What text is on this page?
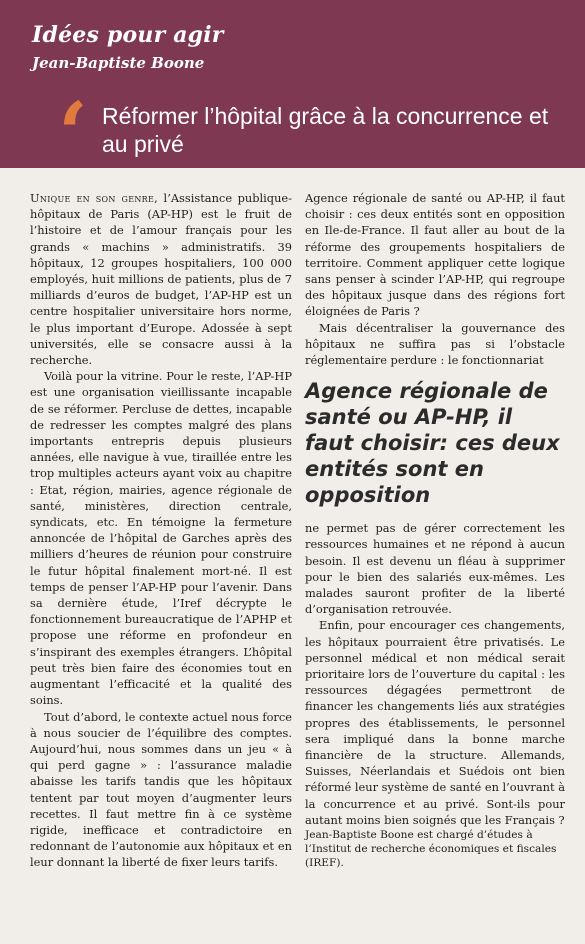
Idées pour agir
Jean-Baptiste Boone
‘ Réformer l’hôpital grâce à la concurrence et au privé

Unique en son genre, l’Assistance publique-hôpitaux de Paris (AP-HP) est le fruit de l’histoire et de l’amour français pour les grands « machins » administratifs. 39 hôpitaux, 12 groupes hospitaliers, 100 000 employés, huit millions de patients, plus de 7 milliards d’euros de budget, l’AP-HP est un centre hospitalier universitaire hors norme, le plus important d’Europe. Adossée à sept universités, elle se consacre aussi à la recherche.

Voilà pour la vitrine. Pour le reste, l’AP-HP est une organisation vieillissante incapable de se réformer. Percluse de dettes, incapable de redresser les comptes malgré des plans importants entrepris depuis plusieurs années, elle navigue à vue, tiraillée entre les trop multiples acteurs ayant voix au chapitre : Etat, région, mairies, agence régionale de santé, ministères, direction centrale, syndicats, etc. En témoigne la fermeture annoncée de l’hôpital de Garches après des milliers d’heures de réunion pour construire le futur hôpital finalement mort-né. Il est temps de penser l’AP-HP pour l’avenir. Dans sa dernière étude, l’Iref décrypte le fonctionnement bureaucratique de l’APHP et propose une réforme en profondeur en s’inspirant des exemples étrangers. L’hôpital peut très bien faire des économies tout en augmentant l’efficacité et la qualité des soins.

Tout d’abord, le contexte actuel nous force à nous soucier de l’équilibre des comptes. Aujourd’hui, nous sommes dans un jeu « à qui perd gagne » : l’assurance maladie abaisse les tarifs tandis que les hôpitaux tentent par tout moyen d’augmenter leurs recettes. Il faut mettre fin à ce système rigide, inefficace et contradictoire en redonnant de l’autonomie aux hôpitaux et en leur donnant la liberté de fixer leurs tarifs.

Agence régionale de santé ou AP-HP, il faut choisir : ces deux entités sont en opposition en Ile-de-France. Il faut aller au bout de la réforme des groupements hospitaliers de territoire. Comment appliquer cette logique sans penser à scinder l’AP-HP, qui regroupe des hôpitaux jusque dans des régions fort éloignées de Paris ?

Mais décentraliser la gouvernance des hôpitaux ne suffira pas si l’obstacle réglementaire perdure : le fonctionnariat

Agence régionale de santé ou AP-HP, il faut choisir: ces deux entités sont en opposition

ne permet pas de gérer correctement les ressources humaines et ne répond à aucun besoin. Il est devenu un fléau à supprimer pour le bien des salariés eux-mêmes. Les malades sauront profiter de la liberté d’organisation retrouvée.

Enfin, pour encourager ces changements, les hôpitaux pourraient être privatisés. Le personnel médical et non médical serait prioritaire lors de l’ouverture du capital : les ressources dégagées permettront de financer les changements liés aux stratégies propres des établissements, le personnel sera impliqué dans la bonne marche financière de la structure. Allemands, Suisses, Néerlandais et Suédois ont bien réformé leur système de santé en l’ouvrant à la concurrence et au privé. Sont-ils pour autant moins bien soignés que les Français ?

Jean-Baptiste Boone est chargé d’études à l’Institut de recherche économiques et fiscales (IREF).
